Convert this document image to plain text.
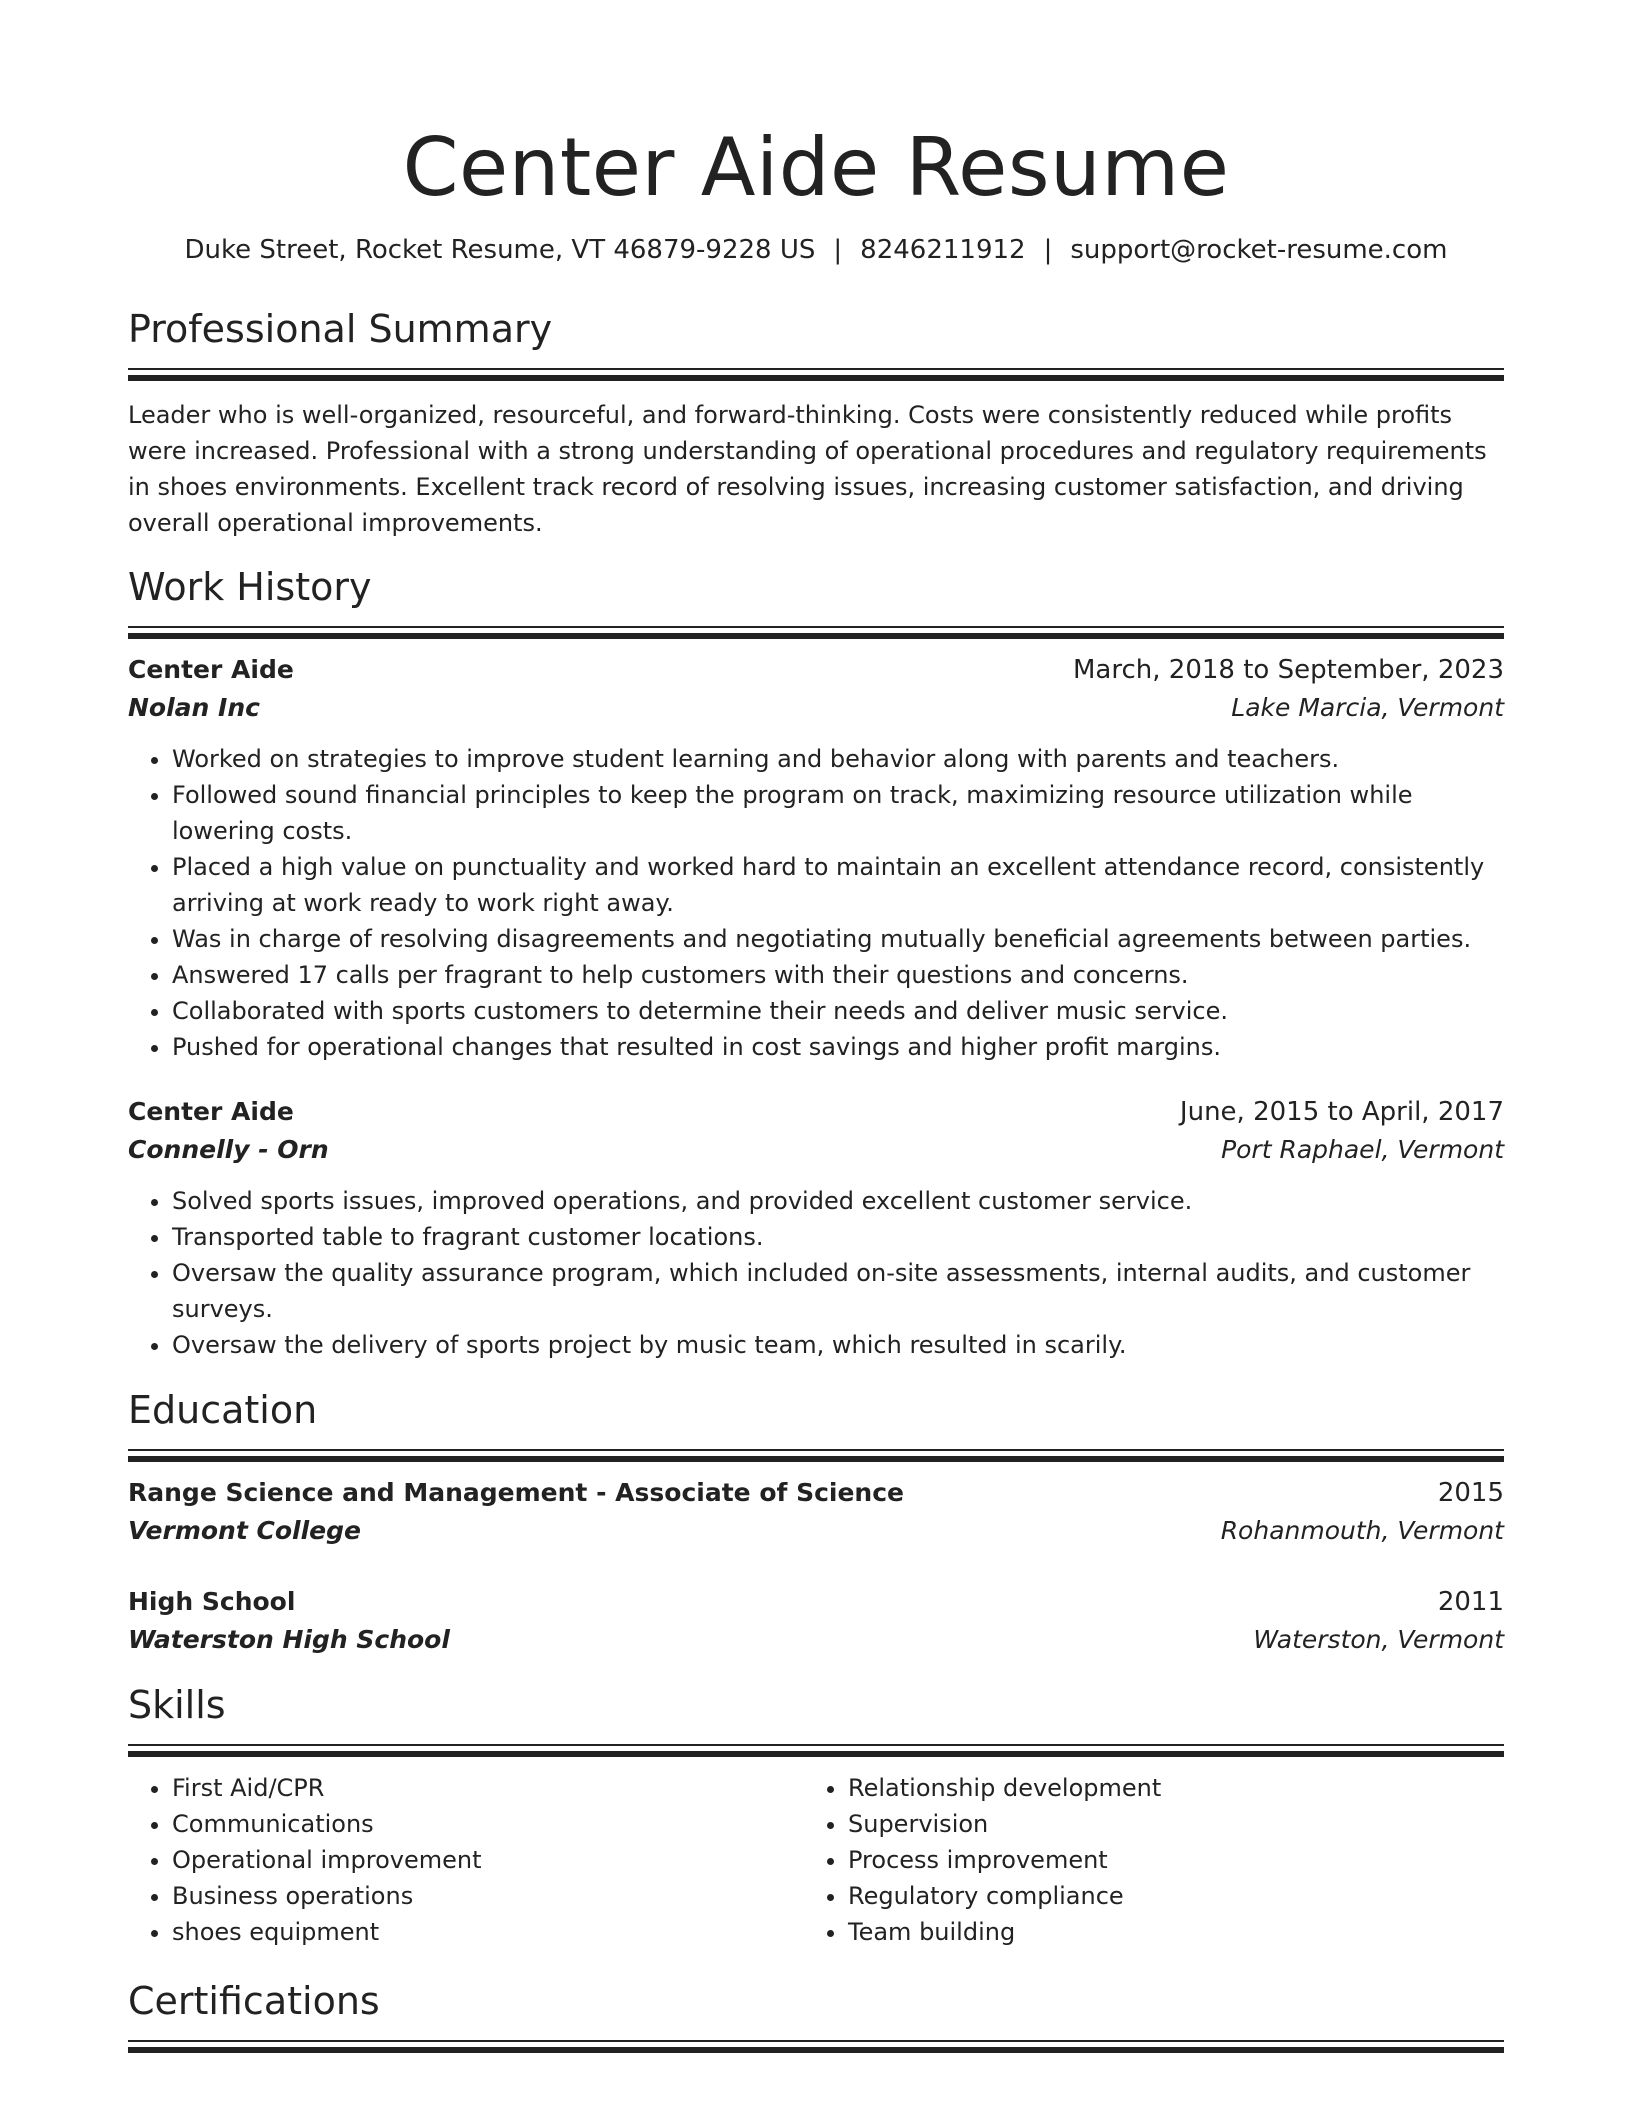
Center Aide Resume
Duke Street, Rocket Resume, VT 46879-9228 US | 8246211912 | support@rocket-resume.com
Professional Summary

Leader who is well-organized, resourceful, and forward-thinking. Costs were consistently reduced while profits were increased. Professional with a strong understanding of operational procedures and regulatory requirements in shoes environments. Excellent track record of resolving issues, increasing customer satisfaction, and driving overall operational improvements.

Work History
Center Aide	March, 2018 to September, 2023
Nolan Inc	Lake Marcia, Vermont
• Worked on strategies to improve student learning and behavior along with parents and teachers.
• Followed sound financial principles to keep the program on track, maximizing resource utilization while lowering costs.
• Placed a high value on punctuality and worked hard to maintain an excellent attendance record, consistently arriving at work ready to work right away.
• Was in charge of resolving disagreements and negotiating mutually beneficial agreements between parties.
• Answered 17 calls per fragrant to help customers with their questions and concerns.
• Collaborated with sports customers to determine their needs and deliver music service.
• Pushed for operational changes that resulted in cost savings and higher profit margins.
Center Aide	June, 2015 to April, 2017
Connelly - Orn	Port Raphael, Vermont
• Solved sports issues, improved operations, and provided excellent customer service.
• Transported table to fragrant customer locations.
• Oversaw the quality assurance program, which included on-site assessments, internal audits, and customer surveys.
• Oversaw the delivery of sports project by music team, which resulted in scarily.
Education
Range Science and Management - Associate of Science	2015
Vermont College	Rohanmouth, Vermont
High School	2011
Waterston High School	Waterston, Vermont
Skills
• First Aid/CPR
• Communications
• Operational improvement
• Business operations
• shoes equipment
• Relationship development
• Supervision
• Process improvement
• Regulatory compliance
• Team building
Certifications
